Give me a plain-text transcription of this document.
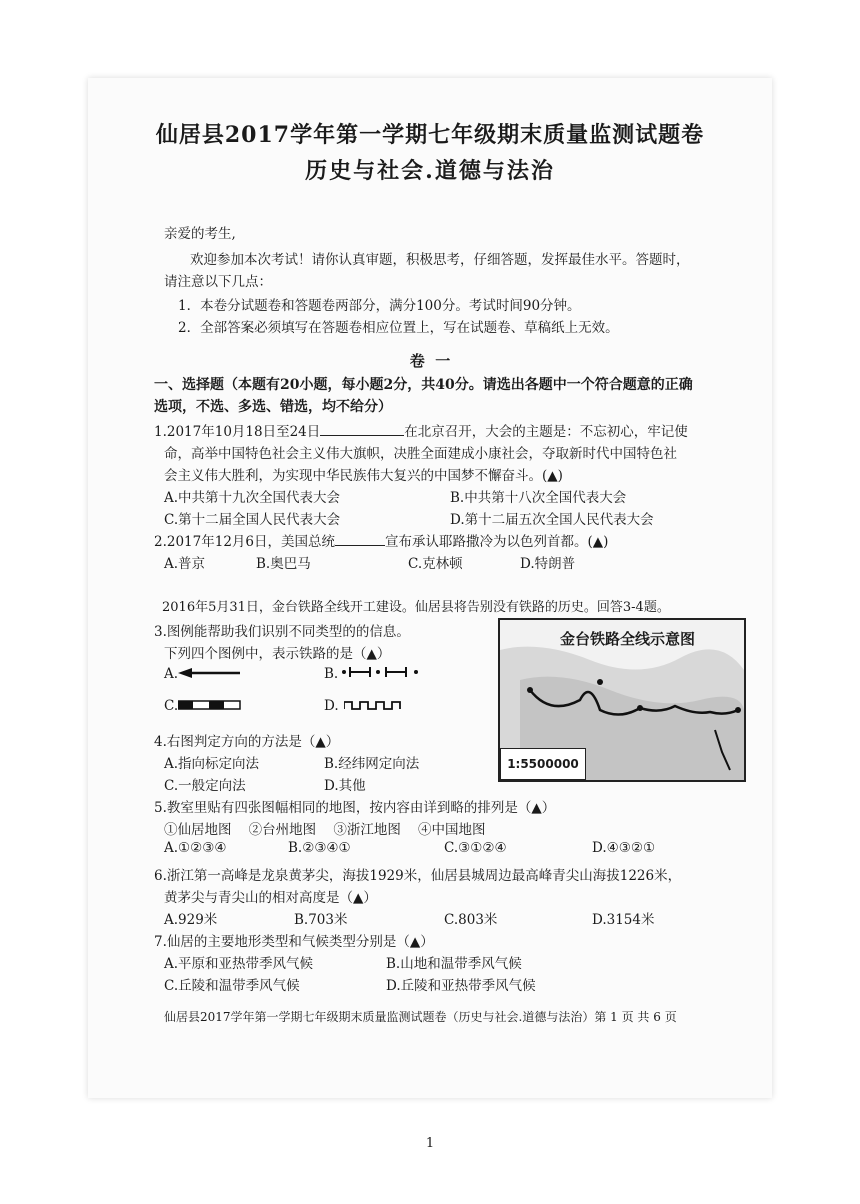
仙居县2017学年第一学期七年级期末质量监测试题卷
历史与社会.道德与法治
亲爱的考生,
欢迎参加本次考试！请你认真审题，积极思考，仔细答题，发挥最佳水平。答题时，
请注意以下几点：
1．本卷分试题卷和答题卷两部分，满分100分。考试时间90分钟。
2．全部答案必须填写在答题卷相应位置上，写在试题卷、草稿纸上无效。
卷  一
一、选择题（本题有20小题，每小题2分，共40分。请选出各题中一个符合题意的正确
选项，不选、多选、错选，均不给分）
1.2017年10月18日至24日	在北京召开，大会的主题是：不忘初心，牢记使
命，高举中国特色社会主义伟大旗帜，决胜全面建成小康社会，夺取新时代中国特色社
会主义伟大胜利，为实现中华民族伟大复兴的中国梦不懈奋斗。(▲)
A.中共第十九次全国代表大会	B.中共第十八次全国代表大会
C.第十二届全国人民代表大会	D.第十二届五次全国人民代表大会
2.2017年12月6日，美国总统	宣布承认耶路撒冷为以色列首都。(▲)
A.普京	B.奥巴马	C.克林顿	D.特朗普
2016年5月31日，金台铁路全线开工建设。仙居县将告别没有铁路的历史。回答3-4题。
3.图例能帮助我们识别不同类型的的信息。
下列四个图例中，表示铁路的是（▲）
A.	B.
C.	D.
金台铁路全线示意图
1:5500000
4.右图判定方向的方法是（▲）
A.指向标定向法	B.经纬网定向法
C.一般定向法	D.其他
5.教室里贴有四张图幅相同的地图，按内容由详到略的排列是（▲）
①仙居地图    ②台州地图    ③浙江地图    ④中国地图
A.①②③④	B.②③④①	C.③①②④	D.④③②①
6.浙江第一高峰是龙泉黄茅尖，海拔1929米，仙居县城周边最高峰青尖山海拔1226米，
黄茅尖与青尖山的相对高度是（▲）
A.929米	B.703米	C.803米	D.3154米
7.仙居的主要地形类型和气候类型分别是（▲）
A.平原和亚热带季风气候	B.山地和温带季风气候
C.丘陵和温带季风气候	D.丘陵和亚热带季风气候
仙居县2017学年第一学期七年级期末质量监测试题卷（历史与社会.道德与法治）第 1 页 共 6 页
1
